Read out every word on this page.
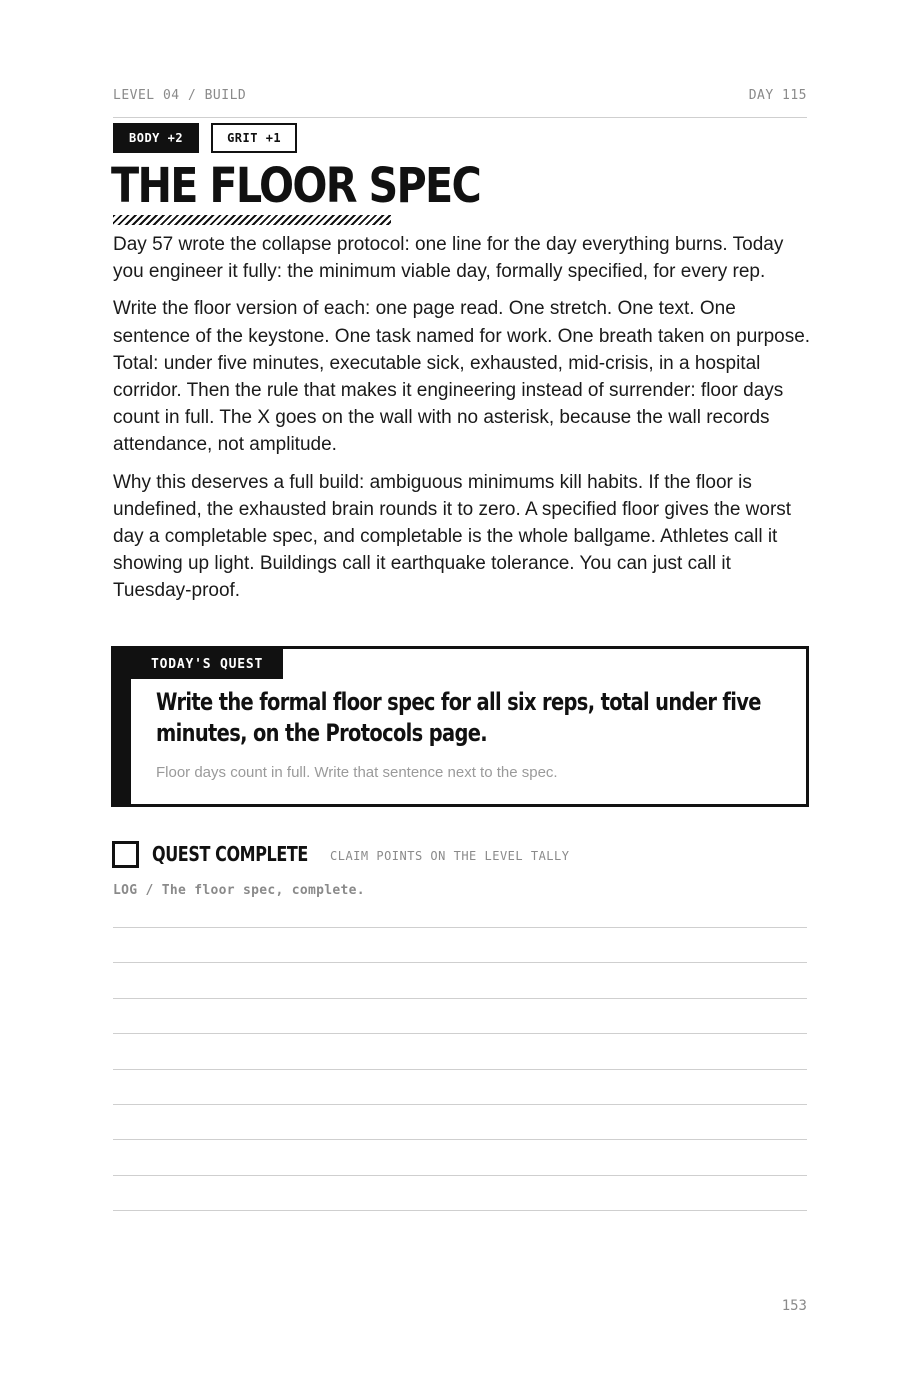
LEVEL 04 / BUILD	DAY 115
BODY +2	GRIT +1
THE FLOOR SPEC

Day 57 wrote the collapse protocol: one line for the day everything burns. Today you engineer it fully: the minimum viable day, formally specified, for every rep.

Write the floor version of each: one page read. One stretch. One text. One sentence of the keystone. One task named for work. One breath taken on purpose. Total: under five minutes, executable sick, exhausted, mid-crisis, in a hospital corridor. Then the rule that makes it engineering instead of surrender: floor days count in full. The X goes on the wall with no asterisk, because the wall records attendance, not amplitude.

Why this deserves a full build: ambiguous minimums kill habits. If the floor is undefined, the exhausted brain rounds it to zero. A specified floor gives the worst day a completable spec, and completable is the whole ballgame. Athletes call it showing up light. Buildings call it earthquake tolerance. You can just call it Tuesday-proof.

TODAY'S QUEST
Write the formal floor spec for all six reps, total under five minutes, on the Protocols page.
Floor days count in full. Write that sentence next to the spec.
QUEST COMPLETE CLAIM POINTS ON THE LEVEL TALLY
LOG / The floor spec, complete.
153
